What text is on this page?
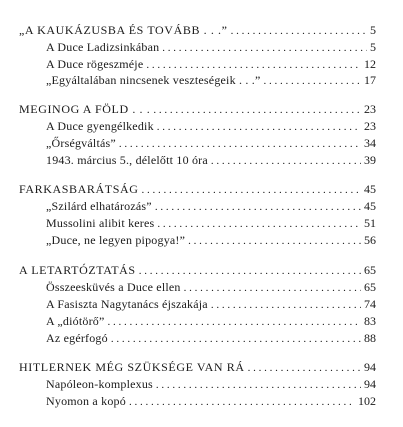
„A KAUKÁZUSBA ÉS TOVÁBB . . .” . . .	5
A Duce Ladizsinkában . . .	5
A Duce rögeszméje . . .	12
„Egyáltalában nincsenek veszteségeik . . .” . . .	17
MEGINOG A FÖLD . . . . . .	23
A Duce gyengélkedik . . .	23
„Őrségváltás” . . .	34
1943. március 5., délelőtt 10 óra . . .	39
FARKASBARÁTSÁG . . .	45
„Szilárd elhatározás” . . .	45
Mussolini alibit keres . . .	51
„Duce, ne legyen pipogya!” . . .	56
A LETARTÓZTATÁS . . .	65
Összeesküvés a Duce ellen . . .	65
A Fasiszta Nagytanács éjszakája . . .	74
A „diótörő” . . .	83
Az egérfogó . . .	88
HITLERNEK MÉG SZÜKSÉGE VAN RÁ . . .	94
Napóleon-komplexus . . .	94
Nyomon a kopó . . .	102
